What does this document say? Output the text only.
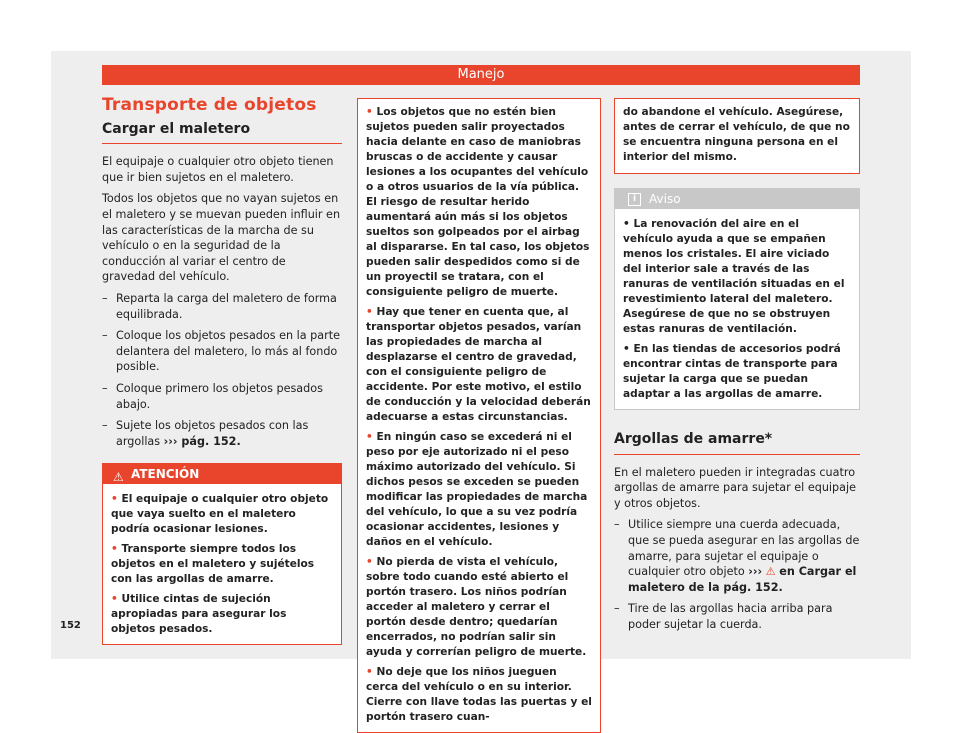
Manejo
Transporte de objetos
Cargar el maletero

El equipaje o cualquier otro objeto tienen que ir bien sujetos en el maletero.

Todos los objetos que no vayan sujetos en el maletero y se muevan pueden influir en las características de la marcha de su vehículo o en la seguridad de la conducción al variar el centro de gravedad del vehículo.

– Reparta la carga del maletero de forma equilibrada.
– Coloque los objetos pesados en la parte delantera del maletero, lo más al fondo posible.
– Coloque primero los objetos pesados abajo.
– Sujete los objetos pesados con las argollas ››› pág. 152.
⚠ ATENCIÓN
• El equipaje o cualquier otro objeto que vaya suelto en el maletero podría ocasionar lesiones.
• Transporte siempre todos los objetos en el maletero y sujételos con las argollas de amarre.
• Utilice cintas de sujeción apropiadas para asegurar los objetos pesados.
• Los objetos que no estén bien sujetos pueden salir proyectados hacia delante en caso de maniobras bruscas o de accidente y causar lesiones a los ocupantes del vehículo o a otros usuarios de la vía pública. El riesgo de resultar herido aumentará aún más si los objetos sueltos son golpeados por el airbag al dispararse. En tal caso, los objetos pueden salir despedidos como si de un proyectil se tratara, con el consiguiente peligro de muerte.
• Hay que tener en cuenta que, al transportar objetos pesados, varían las propiedades de marcha al desplazarse el centro de gravedad, con el consiguiente peligro de accidente. Por este motivo, el estilo de conducción y la velocidad deberán adecuarse a estas circunstancias.
• En ningún caso se excederá ni el peso por eje autorizado ni el peso máximo autorizado del vehículo. Si dichos pesos se exceden se pueden modificar las propiedades de marcha del vehículo, lo que a su vez podría ocasionar accidentes, lesiones y daños en el vehículo.
• No pierda de vista el vehículo, sobre todo cuando esté abierto el portón trasero. Los niños podrían acceder al maletero y cerrar el portón desde dentro; quedarían encerrados, no podrían salir sin ayuda y correrían peligro de muerte.
• No deje que los niños jueguen cerca del vehículo o en su interior. Cierre con llave todas las puertas y el portón trasero cuan-

do abandone el vehículo. Asegúrese, antes de cerrar el vehículo, de que no se encuentra ninguna persona en el interior del mismo.

i	Aviso
• La renovación del aire en el vehículo ayuda a que se empañen menos los cristales. El aire viciado del interior sale a través de las ranuras de ventilación situadas en el revestimiento lateral del maletero. Asegúrese de que no se obstruyen estas ranuras de ventilación.
• En las tiendas de accesorios podrá encontrar cintas de transporte para sujetar la carga que se puedan adaptar a las argollas de amarre.
Argollas de amarre*

En el maletero pueden ir integradas cuatro argollas de amarre para sujetar el equipaje y otros objetos.

– Utilice siempre una cuerda adecuada, que se pueda asegurar en las argollas de amarre, para sujetar el equipaje o cualquier otro objeto ››› ⚠ en Cargar el maletero de la pág. 152.
– Tire de las argollas hacia arriba para poder sujetar la cuerda.
152
